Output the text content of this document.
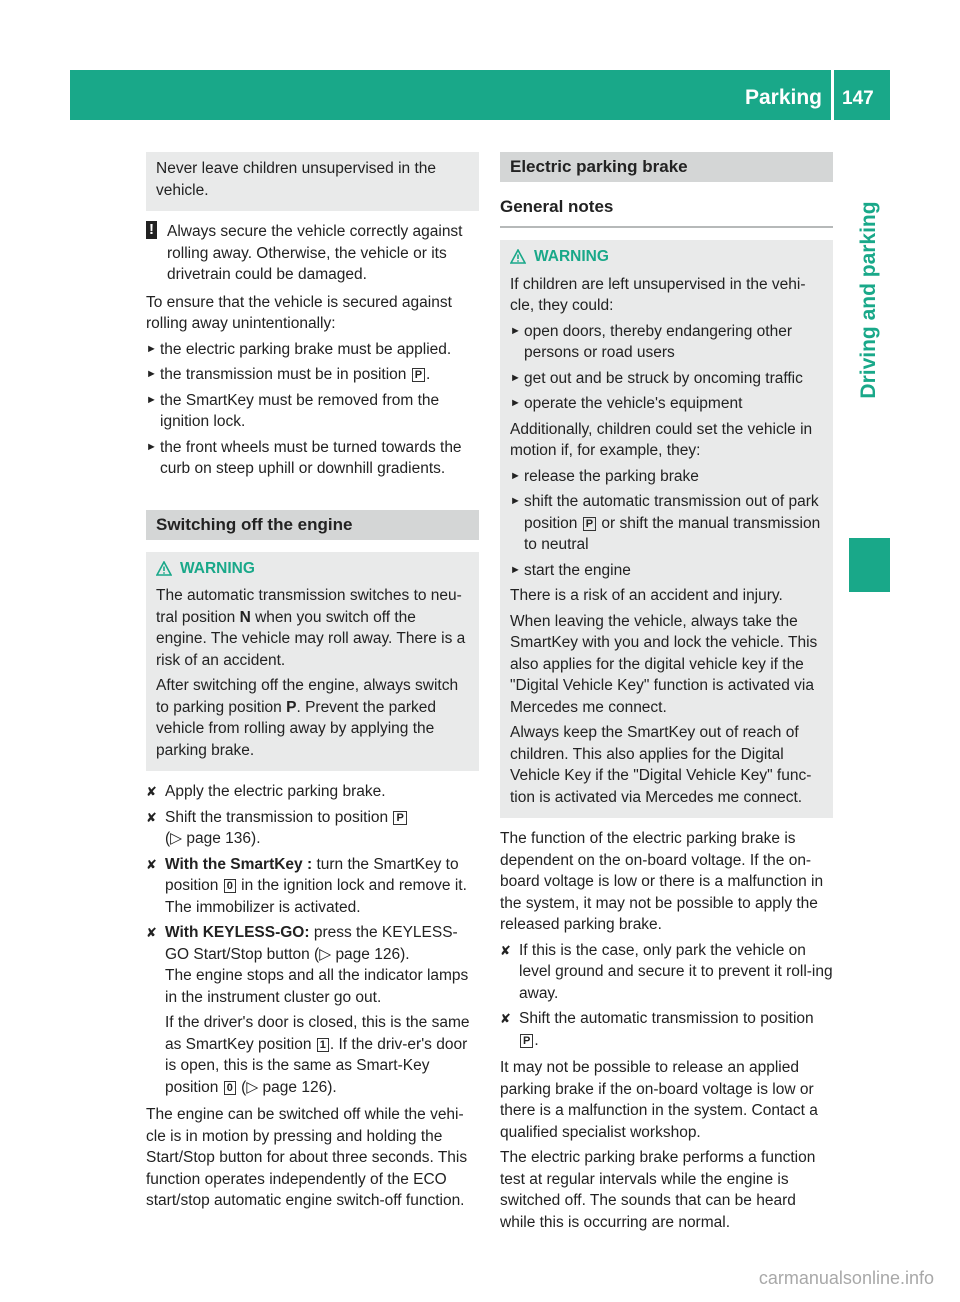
Parking 147
Driving and parking
Never leave children unsupervised in the
vehicle.
! Always secure the vehicle correctly against rolling away. Otherwise, the vehicle or its drivetrain could be damaged.

To ensure that the vehicle is secured against rolling away unintentionally:

► the electric parking brake must be applied.
► the transmission must be in position P .
► the SmartKey must be removed from the ignition lock.
► the front wheels must be turned towards the curb on steep uphill or downhill gradients.
Switching off the engine
WARNING

The automatic transmission switches to neu-tral position N when you switch off the engine. The vehicle may roll away. There is a risk of an accident.

After switching off the engine, always switch to parking position P. Prevent the parked vehicle from rolling away by applying the parking brake.

✘ Apply the electric parking brake.
✘ Shift the transmission to position P
(▷ page 136).
✘ With the SmartKey : turn the SmartKey to position 0 in the ignition lock and remove it.
The immobilizer is activated.
✘ With KEYLESS-GO: press the KEYLESS-GO Start/Stop button (▷ page 126).
The engine stops and all the indicator lamps in the instrument cluster go out.

If the driver's door is closed, this is the same as SmartKey position 1 . If the driv-er's door is open, this is the same as Smart-Key position 0 (▷ page 126).

The engine can be switched off while the vehi-cle is in motion by pressing and holding the Start/Stop button for about three seconds. This function operates independently of the ECO start/stop automatic engine switch-off function.

Electric parking brake
General notes
WARNING

If children are left unsupervised in the vehi-cle, they could:

► open doors, thereby endangering other persons or road users
► get out and be struck by oncoming traffic
► operate the vehicle's equipment

Additionally, children could set the vehicle in motion if, for example, they:

► release the parking brake
► shift the automatic transmission out of park position P or shift the manual transmission to neutral
► start the engine

There is a risk of an accident and injury.

When leaving the vehicle, always take the SmartKey with you and lock the vehicle. This also applies for the digital vehicle key if the "Digital Vehicle Key" function is activated via Mercedes me connect.

Always keep the SmartKey out of reach of children. This also applies for the Digital Vehicle Key if the "Digital Vehicle Key" func-tion is activated via Mercedes me connect.

The function of the electric parking brake is dependent on the on-board voltage. If the on-board voltage is low or there is a malfunction in the system, it may not be possible to apply the released parking brake.

✘ If this is the case, only park the vehicle on level ground and secure it to prevent it roll-ing away.
✘ Shift the automatic transmission to position P .

It may not be possible to release an applied parking brake if the on-board voltage is low or there is a malfunction in the system. Contact a qualified specialist workshop.

The electric parking brake performs a function test at regular intervals while the engine is switched off. The sounds that can be heard while this is occurring are normal.

carmanualsonline.info
